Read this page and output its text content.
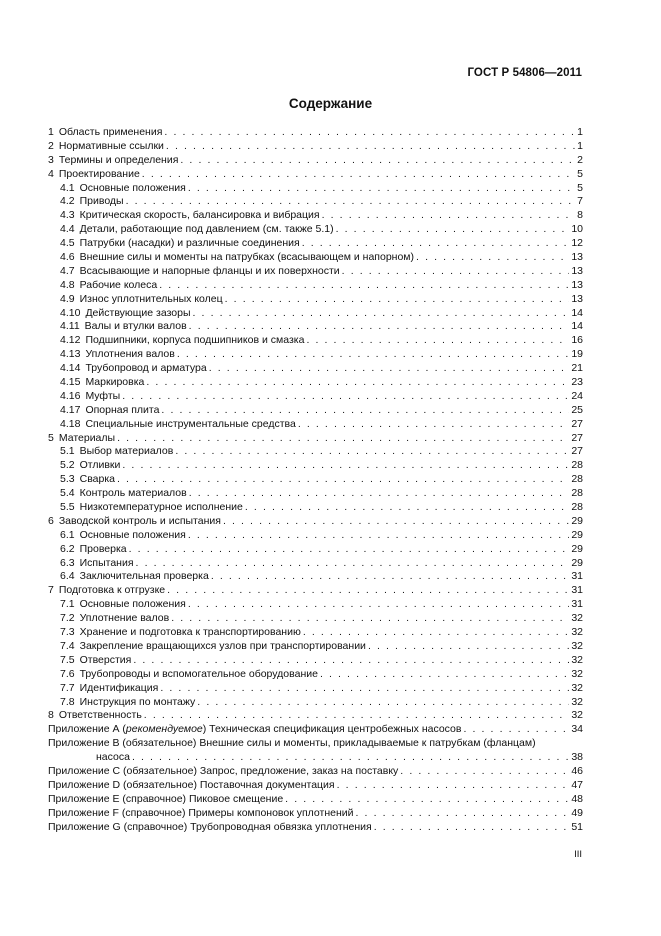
ГОСТ Р 54806—2011
Содержание
1 Область применения . . .	1
2 Нормативные ссылки . . .	1
3 Термины и определения . . .	2
4 Проектирование . . .	5
4.1 Основные положения . . .	5
4.2 Приводы . . .	7
4.3 Критическая скорость, балансировка и вибрация . . .	8
4.4 Детали, работающие под давлением (см. также 5.1) . . .	10
4.5 Патрубки (насадки) и различные соединения . . .	12
4.6 Внешние силы и моменты на патрубках (всасывающем и напорном) . . .	13
4.7 Всасывающие и напорные фланцы и их поверхности . . .	13
4.8 Рабочие колеса . . .	13
4.9 Износ уплотнительных колец . . .	13
4.10 Действующие зазоры . . .	14
4.11 Валы и втулки валов . . .	14
4.12 Подшипники, корпуса подшипников и смазка . . .	16
4.13 Уплотнения валов . . .	19
4.14 Трубопровод и арматура . . .	21
4.15 Маркировка . . .	23
4.16 Муфты . . .	24
4.17 Опорная плита . . .	25
4.18 Специальные инструментальные средства . . .	27
5 Материалы . . .	27
5.1 Выбор материалов . . .	27
5.2 Отливки . . .	28
5.3 Сварка . . .	28
5.4 Контроль материалов . . .	28
5.5 Низкотемпературное исполнение . . .	28
6 Заводской контроль и испытания . . .	29
6.1 Основные положения . . .	29
6.2 Проверка . . .	29
6.3 Испытания . . .	29
6.4 Заключительная проверка . . .	31
7 Подготовка к отгрузке . . .	31
7.1 Основные положения . . .	31
7.2 Уплотнение валов . . .	32
7.3 Хранение и подготовка к транспортированию . . .	32
7.4 Закрепление вращающихся узлов при транспортировании . . .	32
7.5 Отверстия . . .	32
7.6 Трубопроводы и вспомогательное оборудование . . .	32
7.7 Идентификация . . .	32
7.8 Инструкция по монтажу . . .	32
8 Ответственность . . .	32
Приложение А (рекомендуемое) Техническая спецификация центробежных насосов . . .	34
Приложение В (обязательное) Внешние силы и моменты, прикладываемые к патрубкам (фланцам)
насоса . . .	38
Приложение С (обязательное) Запрос, предложение, заказ на поставку . . .	46
Приложение D (обязательное) Поставочная документация . . .	47
Приложение Е (справочное) Пиковое смещение . . .	48
Приложение F (справочное) Примеры компоновок уплотнений . . .	49
Приложение G (справочное) Трубопроводная обвязка уплотнения . . .	51
III
